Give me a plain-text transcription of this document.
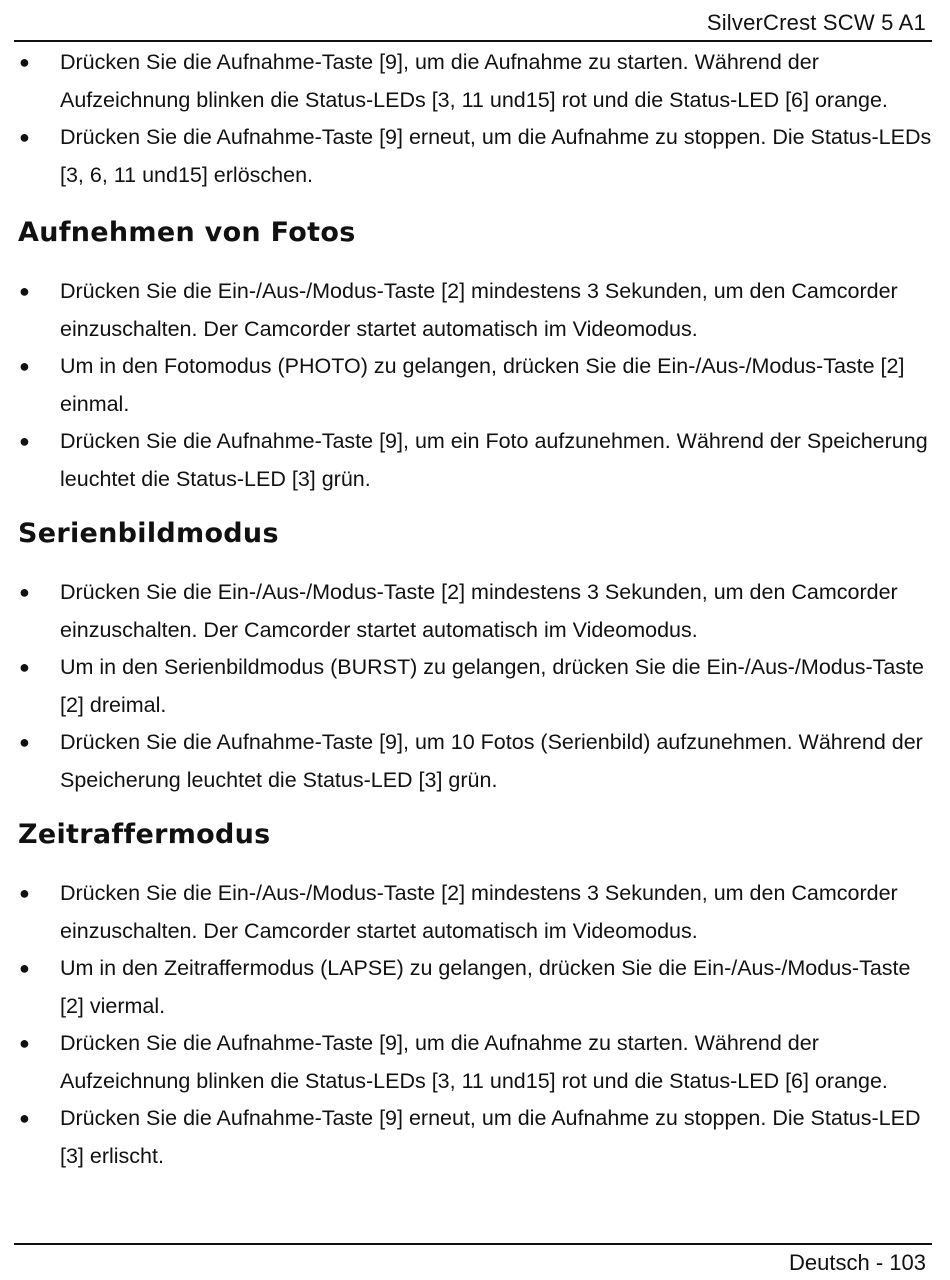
SilverCrest SCW 5 A1
● Drücken Sie die Aufnahme-Taste [9], um die Aufnahme zu starten. Während der Aufzeichnung blinken die Status-LEDs [3, 11 und15] rot und die Status-LED [6] orange.
● Drücken Sie die Aufnahme-Taste [9] erneut, um die Aufnahme zu stoppen. Die Status-LEDs [3, 6, 11 und15] erlöschen.
Aufnehmen von Fotos
● Drücken Sie die Ein-/Aus-/Modus-Taste [2] mindestens 3 Sekunden, um den Camcorder einzuschalten. Der Camcorder startet automatisch im Videomodus.
● Um in den Fotomodus (PHOTO) zu gelangen, drücken Sie die Ein-/Aus-/Modus-Taste [2] einmal.
● Drücken Sie die Aufnahme-Taste [9], um ein Foto aufzunehmen. Während der Speicherung leuchtet die Status-LED [3] grün.
Serienbildmodus
● Drücken Sie die Ein-/Aus-/Modus-Taste [2] mindestens 3 Sekunden, um den Camcorder einzuschalten. Der Camcorder startet automatisch im Videomodus.
● Um in den Serienbildmodus (BURST) zu gelangen, drücken Sie die Ein-/Aus-/Modus-Taste [2] dreimal.
● Drücken Sie die Aufnahme-Taste [9], um 10 Fotos (Serienbild) aufzunehmen. Während der Speicherung leuchtet die Status-LED [3] grün.
Zeitraffermodus
● Drücken Sie die Ein-/Aus-/Modus-Taste [2] mindestens 3 Sekunden, um den Camcorder einzuschalten. Der Camcorder startet automatisch im Videomodus.
● Um in den Zeitraffermodus (LAPSE) zu gelangen, drücken Sie die Ein-/Aus-/Modus-Taste [2] viermal.
● Drücken Sie die Aufnahme-Taste [9], um die Aufnahme zu starten. Während der Aufzeichnung blinken die Status-LEDs [3, 11 und15] rot und die Status-LED [6] orange.
● Drücken Sie die Aufnahme-Taste [9] erneut, um die Aufnahme zu stoppen. Die Status-LED [3] erlischt.
Deutsch - 103
